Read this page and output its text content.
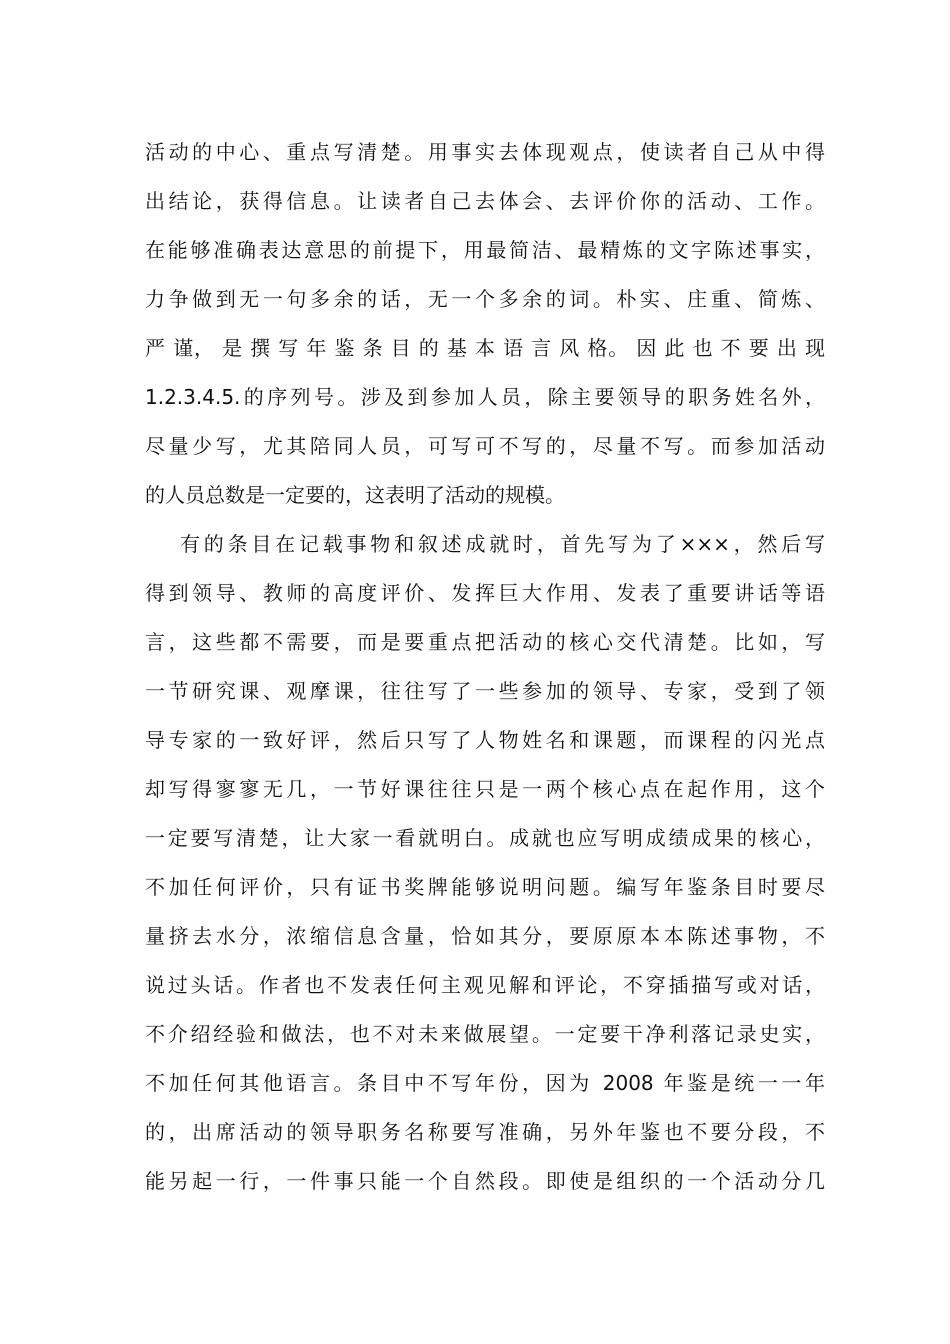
活动的中心、重点写清楚。用事实去体现观点，使读者自己从中得
出结论，获得信息。让读者自己去体会、去评价你的活动、工作。
在能够准确表达意思的前提下，用最简洁、最精炼的文字陈述事实，
力争做到无一句多余的话，无一个多余的词。朴实、庄重、简炼、
严 谨， 是 撰 写 年 鉴 条 目 的 基 本 语 言 风 格。 因 此 也 不 要 出 现
1.2.3.4.5.的序列号。涉及到参加人员，除主要领导的职务姓名外，
尽量少写，尤其陪同人员，可写可不写的，尽量不写。而参加活动
的人员总数是一定要的，这表明了活动的规模。
有的条目在记载事物和叙述成就时，首先写为了×××，然后写
得到领导、教师的高度评价、发挥巨大作用、发表了重要讲话等语
言，这些都不需要，而是要重点把活动的核心交代清楚。比如，写
一节研究课、观摩课，往往写了一些参加的领导、专家，受到了领
导专家的一致好评，然后只写了人物姓名和课题，而课程的闪光点
却写得寥寥无几，一节好课往往只是一两个核心点在起作用，这个
一定要写清楚，让大家一看就明白。成就也应写明成绩成果的核心，
不加任何评价，只有证书奖牌能够说明问题。编写年鉴条目时要尽
量挤去水分，浓缩信息含量，恰如其分，要原原本本陈述事物，不
说过头话。作者也不发表任何主观见解和评论，不穿插描写或对话，
不介绍经验和做法，也不对未来做展望。一定要干净利落记录史实，
不加任何其他语言。条目中不写年份，因为 2008 年鉴是统一一年
的，出席活动的领导职务名称要写准确，另外年鉴也不要分段，不
能另起一行，一件事只能一个自然段。即使是组织的一个活动分几
